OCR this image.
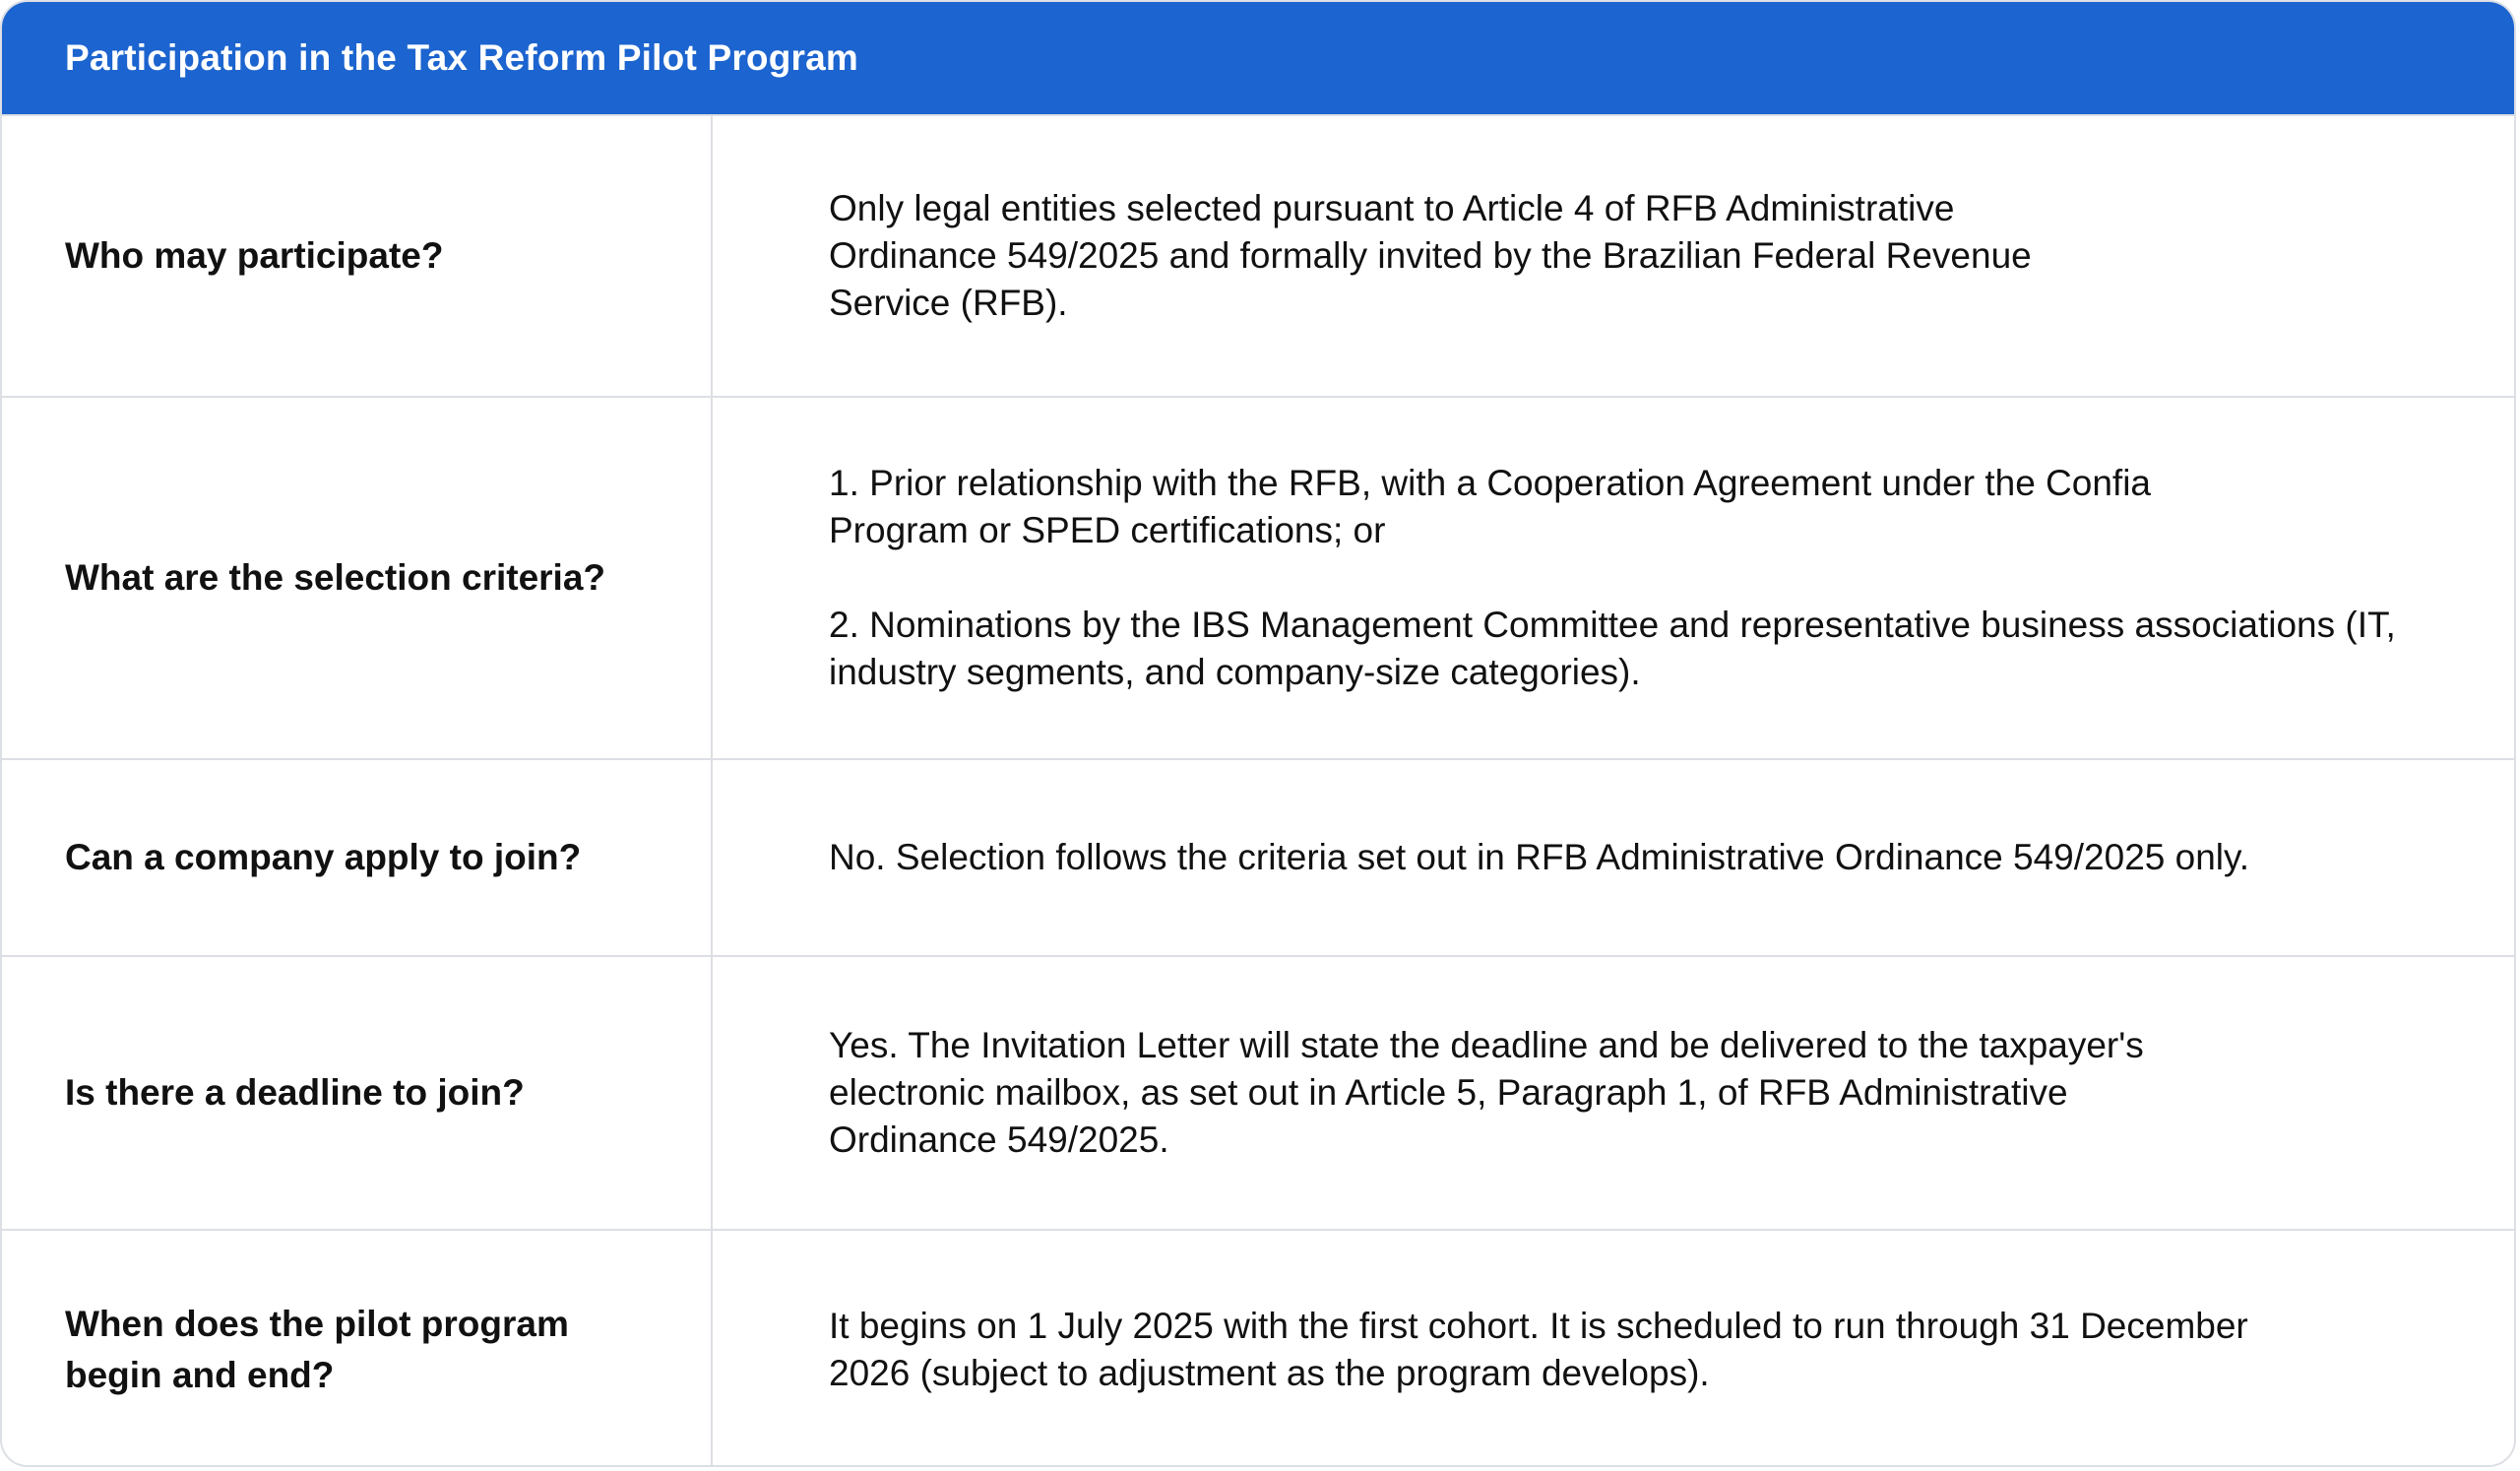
Participation in the Tax Reform Pilot Program
Who may participate?

Only legal entities selected pursuant to Article 4 of RFB Administrative Ordinance 549/2025 and formally invited by the Brazilian Federal Revenue Service (RFB).

What are the selection criteria?

1. Prior relationship with the RFB, with a Cooperation Agreement under the Confia Program or SPED certifications; or

2. Nominations by the IBS Management Committee and representative business associations (IT, industry segments, and company-size categories).

Can a company apply to join?	No. Selection follows the criteria set out in RFB Administrative Ordinance 549/2025 only.

Is there a deadline to join?

Yes. The Invitation Letter will state the deadline and be delivered to the taxpayer's electronic mailbox, as set out in Article 5, Paragraph 1, of RFB Administrative Ordinance 549/2025.

When does the pilot program begin and end?

It begins on 1 July 2025 with the first cohort. It is scheduled to run through 31 December 2026 (subject to adjustment as the program develops).
